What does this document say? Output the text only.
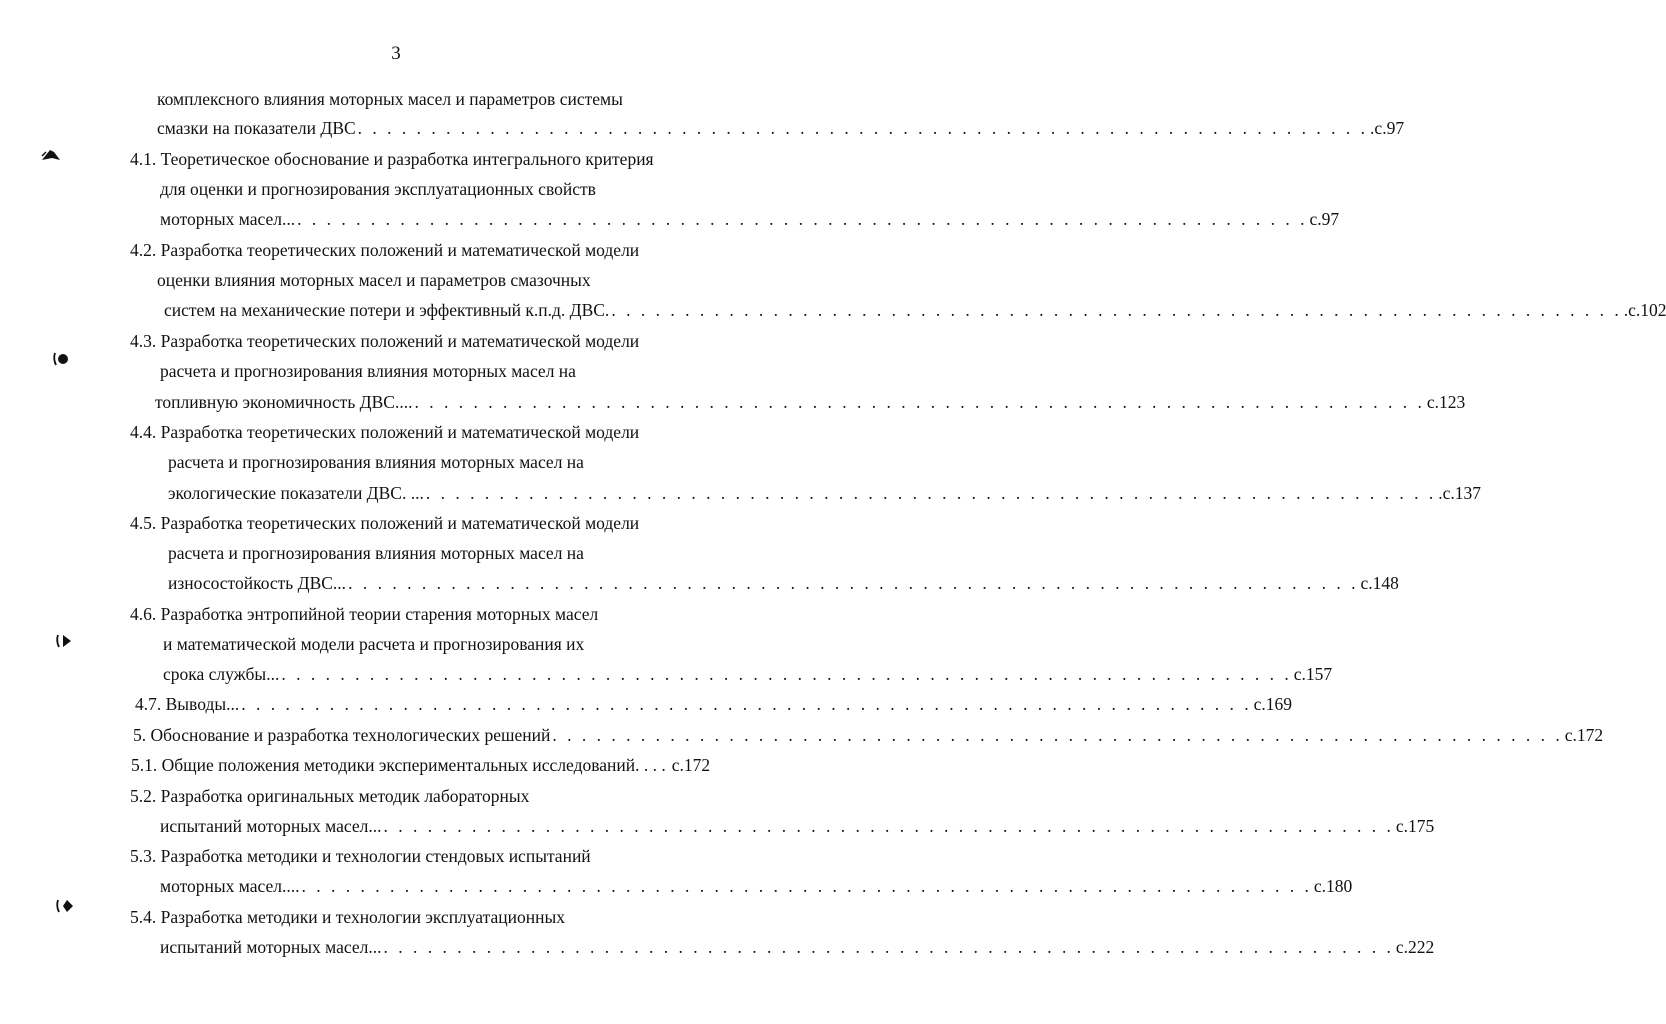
3
комплексного влияния моторных масел и параметров системы
смазки на показатели ДВС . . . . . . . . . . . . . . . . . . . . . . . . . . . . . . . . . . . . . . . . . . . . . . . . . . . . . . . . . . . . . . . . . . . . . .с.97
4.1. Теоретическое обоснование и разработка интегрального критерия
для оценки и прогнозирования эксплуатационных свойств
моторных масел... . . . . . . . . . . . . . . . . . . . . . . . . . . . . . . . . . . . . . . . . . . . . . . . . . . . . . . . . . . . . . . . . . . . . . с.97
4.2. Разработка теоретических положений и математической модели
оценки влияния моторных масел и параметров смазочных
систем на механические потери и эффективный к.п.д. ДВС. . . . . . . . . . . . . . . . . . . . . . . . . . . . . . . . . . . . . . . . . . . . . . . . . . . . . . . . . . . . . . . . . . . . . . .с.102
4.3. Разработка теоретических положений и математической модели
расчета и прогнозирования влияния моторных масел на
топливную экономичность ДВС.... . . . . . . . . . . . . . . . . . . . . . . . . . . . . . . . . . . . . . . . . . . . . . . . . . . . . . . . . . . . . . . . . . . . . . с.123
4.4. Разработка теоретических положений и математической модели
расчета и прогнозирования влияния моторных масел на
экологические показатели ДВС. ... . . . . . . . . . . . . . . . . . . . . . . . . . . . . . . . . . . . . . . . . . . . . . . . . . . . . . . . . . . . . . . . . . . . . . .с.137
4.5. Разработка теоретических положений и математической модели
расчета и прогнозирования влияния моторных масел на
износостойкость ДВС... . . . . . . . . . . . . . . . . . . . . . . . . . . . . . . . . . . . . . . . . . . . . . . . . . . . . . . . . . . . . . . . . . . . . . с.148
4.6. Разработка энтропийной теории старения моторных масел
и математической модели расчета и прогнозирования их
срока службы... . . . . . . . . . . . . . . . . . . . . . . . . . . . . . . . . . . . . . . . . . . . . . . . . . . . . . . . . . . . . . . . . . . . . . с.157
4.7. Выводы... . . . . . . . . . . . . . . . . . . . . . . . . . . . . . . . . . . . . . . . . . . . . . . . . . . . . . . . . . . . . . . . . . . . . . с.169
5. Обоснование и разработка технологических решений . . . . . . . . . . . . . . . . . . . . . . . . . . . . . . . . . . . . . . . . . . . . . . . . . . . . . . . . . . . . . . . . . . . . . с.172
5.1. Общие положения методики экспериментальных исследований. . . . с.172
5.2. Разработка оригинальных методик лабораторных
испытаний моторных масел... . . . . . . . . . . . . . . . . . . . . . . . . . . . . . . . . . . . . . . . . . . . . . . . . . . . . . . . . . . . . . . . . . . . . . с.175
5.3. Разработка методики и технологии стендовых испытаний
моторных масел.... . . . . . . . . . . . . . . . . . . . . . . . . . . . . . . . . . . . . . . . . . . . . . . . . . . . . . . . . . . . . . . . . . . . . . с.180
5.4. Разработка методики и технологии эксплуатационных
испытаний моторных масел... . . . . . . . . . . . . . . . . . . . . . . . . . . . . . . . . . . . . . . . . . . . . . . . . . . . . . . . . . . . . . . . . . . . . . с.222
